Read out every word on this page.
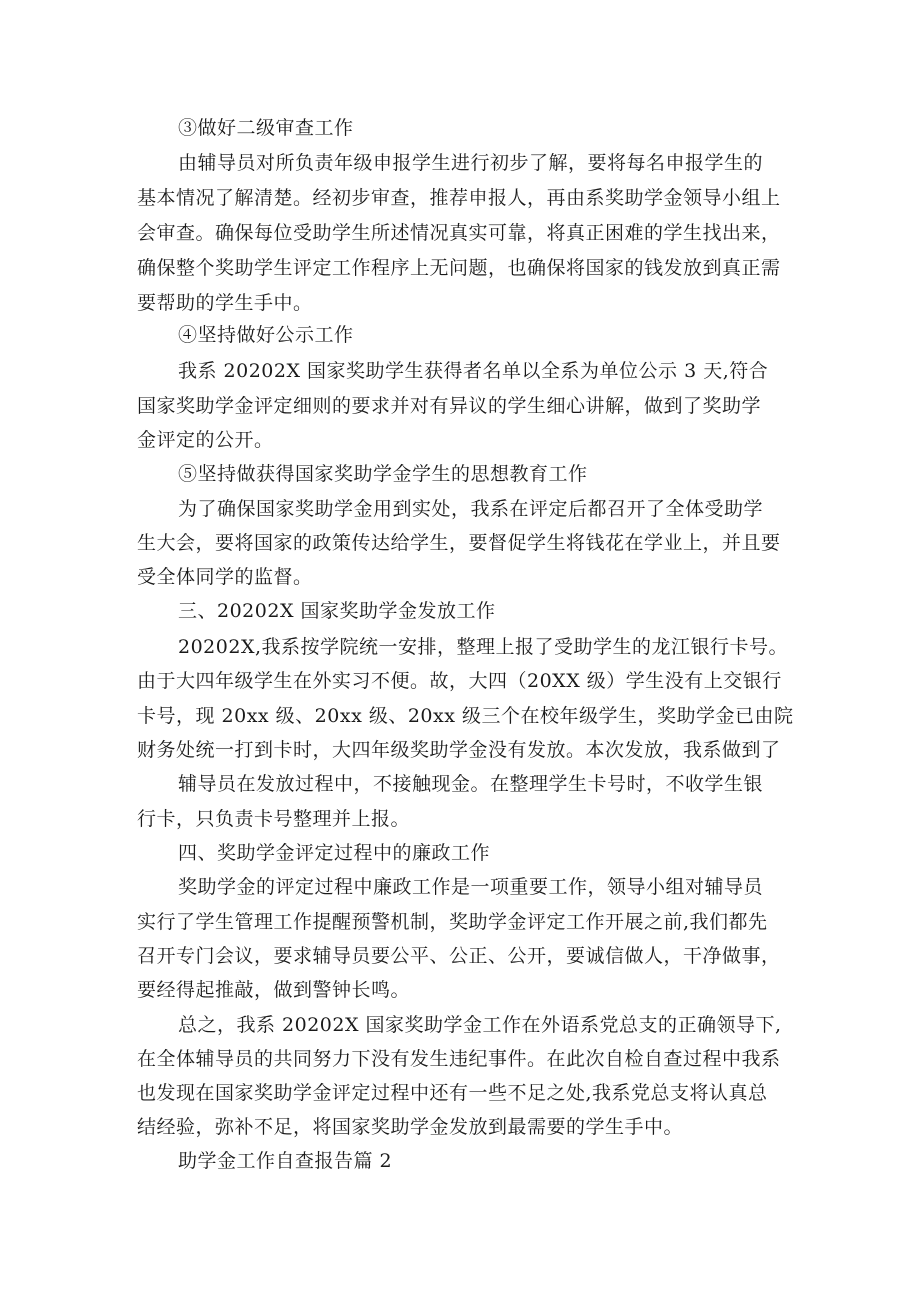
③做好二级审查工作
由辅导员对所负责年级申报学生进行初步了解，要将每名申报学生的
基本情况了解清楚。经初步审查，推荐申报人，再由系奖助学金领导小组上
会审查。确保每位受助学生所述情况真实可靠，将真正困难的学生找出来，
确保整个奖助学生评定工作程序上无问题，也确保将国家的钱发放到真正需
要帮助的学生手中。
④坚持做好公示工作
我系 20202X 国家奖助学生获得者名单以全系为单位公示 3 天,符合
国家奖助学金评定细则的要求并对有异议的学生细心讲解，做到了奖助学
金评定的公开。
⑤坚持做获得国家奖助学金学生的思想教育工作
为了确保国家奖助学金用到实处，我系在评定后都召开了全体受助学
生大会，要将国家的政策传达给学生，要督促学生将钱花在学业上，并且要
受全体同学的监督。
三、20202X 国家奖助学金发放工作
20202X,我系按学院统一安排，整理上报了受助学生的龙江银行卡号。
由于大四年级学生在外实习不便。故，大四（20XX 级）学生没有上交银行
卡号，现 20xx 级、20xx 级、20xx 级三个在校年级学生，奖助学金已由院
财务处统一打到卡时，大四年级奖助学金没有发放。本次发放，我系做到了
辅导员在发放过程中，不接触现金。在整理学生卡号时，不收学生银
行卡，只负责卡号整理并上报。
四、奖助学金评定过程中的廉政工作
奖助学金的评定过程中廉政工作是一项重要工作，领导小组对辅导员
实行了学生管理工作提醒预警机制，奖助学金评定工作开展之前,我们都先
召开专门会议，要求辅导员要公平、公正、公开，要诚信做人，干净做事，
要经得起推敲，做到警钟长鸣。
总之，我系 20202X 国家奖助学金工作在外语系党总支的正确领导下,
在全体辅导员的共同努力下没有发生违纪事件。在此次自检自查过程中我系
也发现在国家奖助学金评定过程中还有一些不足之处,我系党总支将认真总
结经验，弥补不足，将国家奖助学金发放到最需要的学生手中。
助学金工作自查报告篇 2
